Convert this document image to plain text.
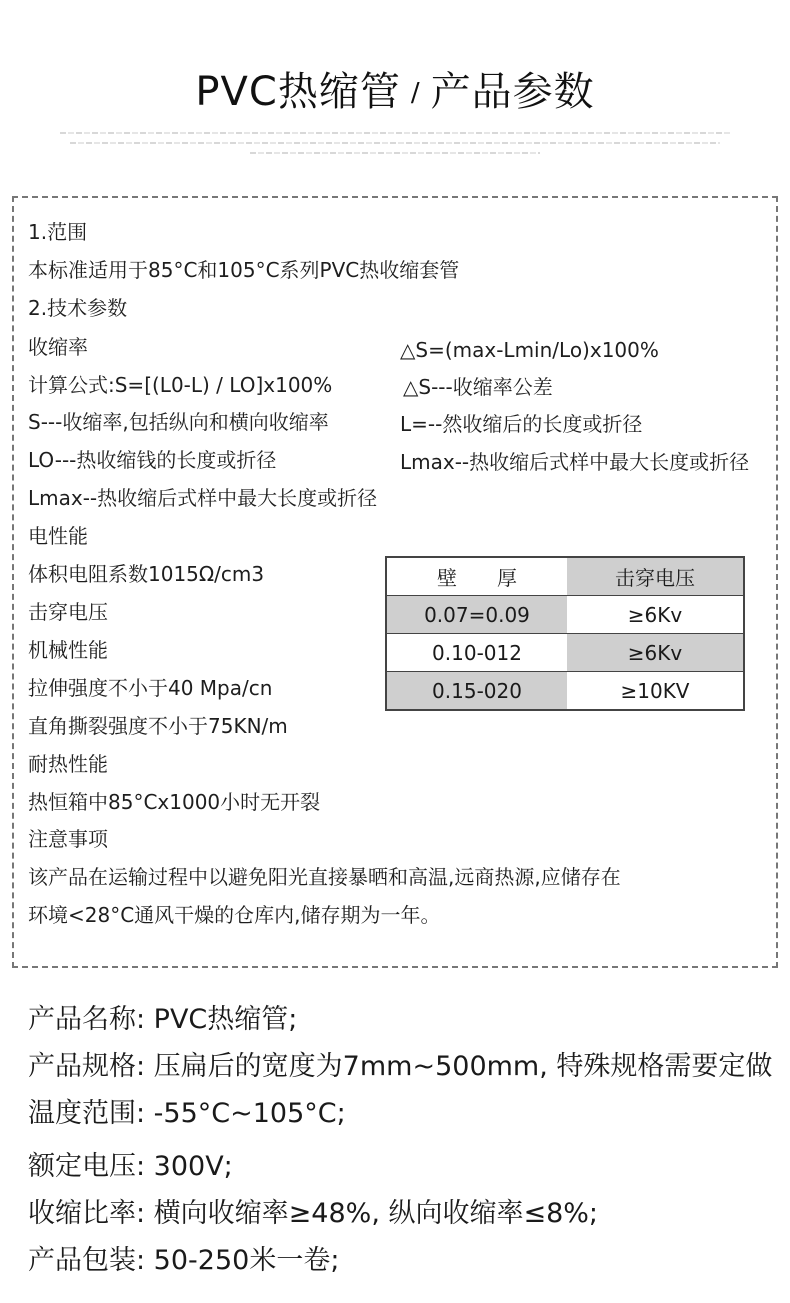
PVC热缩管 / 产品参数
1.范围
本标准适用于85°C和105°C系列PVC热收缩套管
2.技术参数
收缩率
计算公式:S=[(L0-L) / LO]x100%
S---收缩率,包括纵向和横向收缩率
LO---热收缩钱的长度或折径
Lmax--热收缩后式样中最大长度或折径
电性能
体积电阻系数1015Ω/cm3
击穿电压
机械性能
拉伸强度不小于40 Mpa/cn
直角撕裂强度不小于75KN/m
耐热性能
热恒箱中85°Cx1000小时无开裂
注意事项
该产品在运输过程中以避免阳光直接暴晒和高温,远商热源,应储存在
环境<28°C通风干燥的仓库内,储存期为一年。
△S=(max-Lmin/Lo)x100%
△S---收缩率公差
L=--然收缩后的长度或折径
Lmax--热收缩后式样中最大长度或折径
壁　　厚	击穿电压
0.07=0.09	≥6Kv
0.10-012	≥6Kv
0.15-020	≥10KV
产品名称: PVC热缩管;
产品规格: 压扁后的宽度为7mm~500mm, 特殊规格需要定做
温度范围: -55°C~105°C;
额定电压: 300V;
收缩比率: 横向收缩率≥48%, 纵向收缩率≤8%;
产品包装: 50-250米一卷;
